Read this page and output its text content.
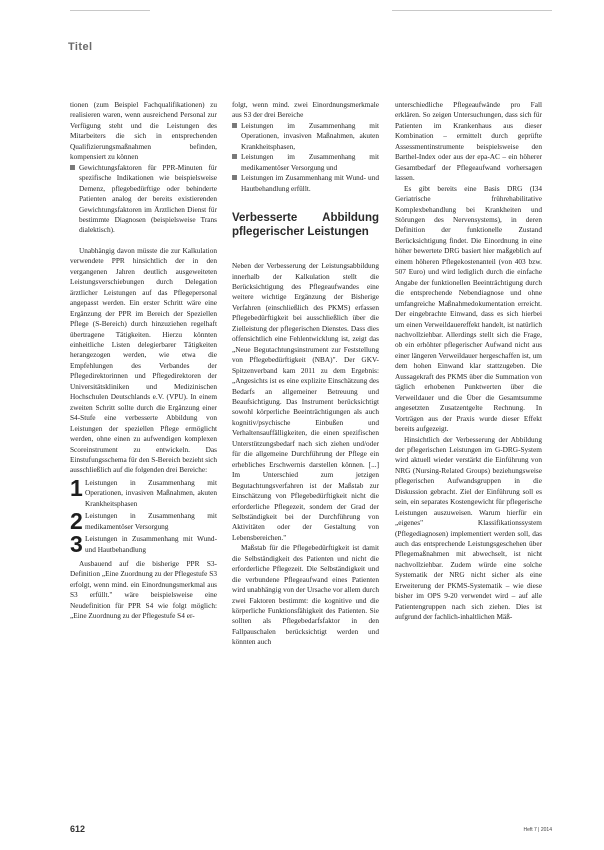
Titel

tionen (zum Beispiel Fachqualifikationen) zu realisieren waren, wenn ausreichend Personal zur Verfügung steht und die Leistungen des Mitarbeiters die sich in entsprechenden Qualifizierungsmaßnahmen befinden, kompensiert zu können

Gewichtungsfaktoren für PPR-Minuten für spezifische Indikationen wie beispielsweise Demenz, pflegebedürftige oder behinderte Patienten analog der bereits existierenden Gewichtungsfaktoren im Ärztlichen Dienst für bestimmte Diagnosen (beispielsweise Trans dialektisch).

Unabhängig davon müsste die zur Kalkulation verwendete PPR hinsichtlich der in den vergangenen Jahren deutlich ausgeweiteten Leistungsverschiebungen durch Delegation ärztlicher Leistungen auf das Pflegepersonal angepasst werden. Ein erster Schritt wäre eine Ergänzung der PPR im Bereich der Speziellen Pflege (S-Bereich) durch hinzuziehen regelhaft übertragene Tätigkeiten. Hierzu könnten einheitliche Listen delegierbarer Tätigkeiten herangezogen werden, wie etwa die Empfehlungen des Verbandes der Pflegedirektorinnen und Pflegedirektoren der Universitätskliniken und Medizinischen Hochschulen Deutschlands e.V. (VPU). In einem zweiten Schritt sollte durch die Ergänzung einer S4-Stufe eine verbesserte Abbildung von Leistungen der speziellen Pflege ermöglicht werden, ohne einen zu aufwendigen komplexen Scoreinstrument zu entwickeln. Das Einstufungsschema für den S-Bereich bezieht sich ausschließlich auf die folgenden drei Bereiche:

1 Leistungen in Zusammenhang mit Operationen, invasiven Maßnahmen, akuten Krankheitsphasen
2 Leistungen in Zusammenhang mit medikamentöser Versorgung
3 Leistungen in Zusammenhang mit Wund- und Hautbehandlung

Ausbauend auf die bisherige PPR S3-Definition „Eine Zuordnung zu der Pflegestufe S3 erfolgt, wenn mind. ein Einordnungsmerkmal aus S3 erfüllt." wäre beispielsweise eine Neudefinition für PPR S4 wie folgt möglich: „Eine Zuordnung zu der Pflegestufe S4 er-

folgt, wenn mind. zwei Einordnungsmerkmale aus S3 der drei Bereiche

Leistungen im Zusammenhang mit Operationen, invasiven Maßnahmen, akuten Krankheitsphasen,
Leistungen im Zusammenhang mit medikamentöser Versorgung und
Leistungen im Zusammenhang mit Wund- und Hautbehandlung erfüllt.
Verbesserte Abbildung pflegerischer Leistungen

Neben der Verbesserung der Leistungsabbildung innerhalb der Kalkulation stellt die Berücksichtigung des Pflegeaufwandes eine weitere wichtige Ergänzung der Bisherige Verfahren (einschließlich des PKMS) erfassen Pflegebedürftigkeit bei ausschließlich über die Zielleistung der pflegerischen Dienstes. Dass dies offensichtlich eine Fehlentwicklung ist, zeigt das „Neue Begutachtungsinstrument zur Feststellung von Pflegebedürftigkeit (NBA)". Der GKV-Spitzenverband kam 2011 zu dem Ergebnis: „Angesichts ist es eine explizite Einschätzung des Bedarfs an allgemeiner Betreuung und Beaufsichtigung. Das Instrument berücksichtigt sowohl körperliche Beeinträchtigungen als auch kognitiv/psychische Einbußen und Verhaltensauffälligkeiten, die einen spezifischen Unterstützungsbedarf nach sich ziehen und/oder für die allgemeine Durchführung der Pflege ein erhebliches Erschwernis darstellen können. [...] Im Unterschied zum jetzigen Begutachtungsverfahren ist der Maßstab zur Einschätzung von Pflegebedürftigkeit nicht die erforderliche Pflegezeit, sondern der Grad der Selbständigkeit bei der Durchführung von Aktivitäten oder der Gestaltung von Lebensbereichen."

Maßstab für die Pflegebedürftigkeit ist damit die Selbständigkeit des Patienten und nicht die erforderliche Pflegezeit. Die Selbständigkeit und die verbundene Pflegeaufwand eines Patienten wird unabhängig von der Ursache vor allem durch zwei Faktoren bestimmt: die kognitive und die körperliche Funktionsfähigkeit des Patienten. Sie sollten als Pflegebedarfsfaktor in den Fallpauschalen berücksichtigt werden und könnten auch

unterschiedliche Pflegeaufwände pro Fall erklären. So zeigen Untersuchungen, dass sich für Patienten im Krankenhaus aus dieser Kombination – ermittelt durch geprüfte Assessmentinstrumente beispielsweise den Barthel-Index oder aus der epa-AC – ein höherer Gesamtbedarf der Pflegeaufwand vorhersagen lassen.

Es gibt bereits eine Basis DRG (I34 Geriatrische frührehabilitative Komplexbehandlung bei Krankheiten und Störungen des Nervensystems), in deren Definition der funktionelle Zustand Berücksichtigung findet. Die Einordnung in eine höher bewertete DRG basiert hier maßgeblich auf einem höheren Pflegekostenanteil (von 403 bzw. 507 Euro) und wird lediglich durch die einfache Angabe der funktionellen Beeinträchtigung durch die entsprechende Nebendiagnose und ohne umfangreiche Maßnahmedokumentation erreicht. Der eingebrachte Einwand, dass es sich hierbei um einen Verweildauereffekt handelt, ist natürlich nachvollziehbar. Allerdings stellt sich die Frage, ob ein erhöhter pflegerischer Aufwand nicht aus einer längeren Verweildauer hergeschaffen ist, um dem hohen Einwand klar stattzugeben. Die Aussagekraft des PKMS über die Summation von täglich erhobenen Punktwerten über die Verweildauer und die Über die Gesamtsumme angesetzten Zusatzentgelte Rechnung. In Vorträgen aus der Praxis wurde dieser Effekt bereits aufgezeigt.

Hinsichtlich der Verbesserung der Abbildung der pflegerischen Leistungen im G-DRG-System wird aktuell wieder verstärkt die Einführung von NRG (Nursing-Related Groups) beziehungsweise pflegerischen Aufwandsgruppen in die Diskussion gebracht. Ziel der Einführung soll es sein, ein separates Kostengewicht für pflegerische Leistungen auszuweisen. Warum hierfür ein „eigenes" Klassifikationssystem (Pflegediagnosen) implementiert werden soll, das auch das entsprechende Leistungsgeschehen über Pflegemaßnahmen mit abwechselt, ist nicht nachvollziehbar. Zudem würde eine solche Systematik der NRG nicht sicher als eine Erweiterung der PKMS-Systematik – wie diese bisher im OPS 9-20 verwendet wird – auf alle Patientengruppen nach sich ziehen. Dies ist aufgrund der fachlich-inhaltlichen Mäß-

612	Heft 7 | 2014
